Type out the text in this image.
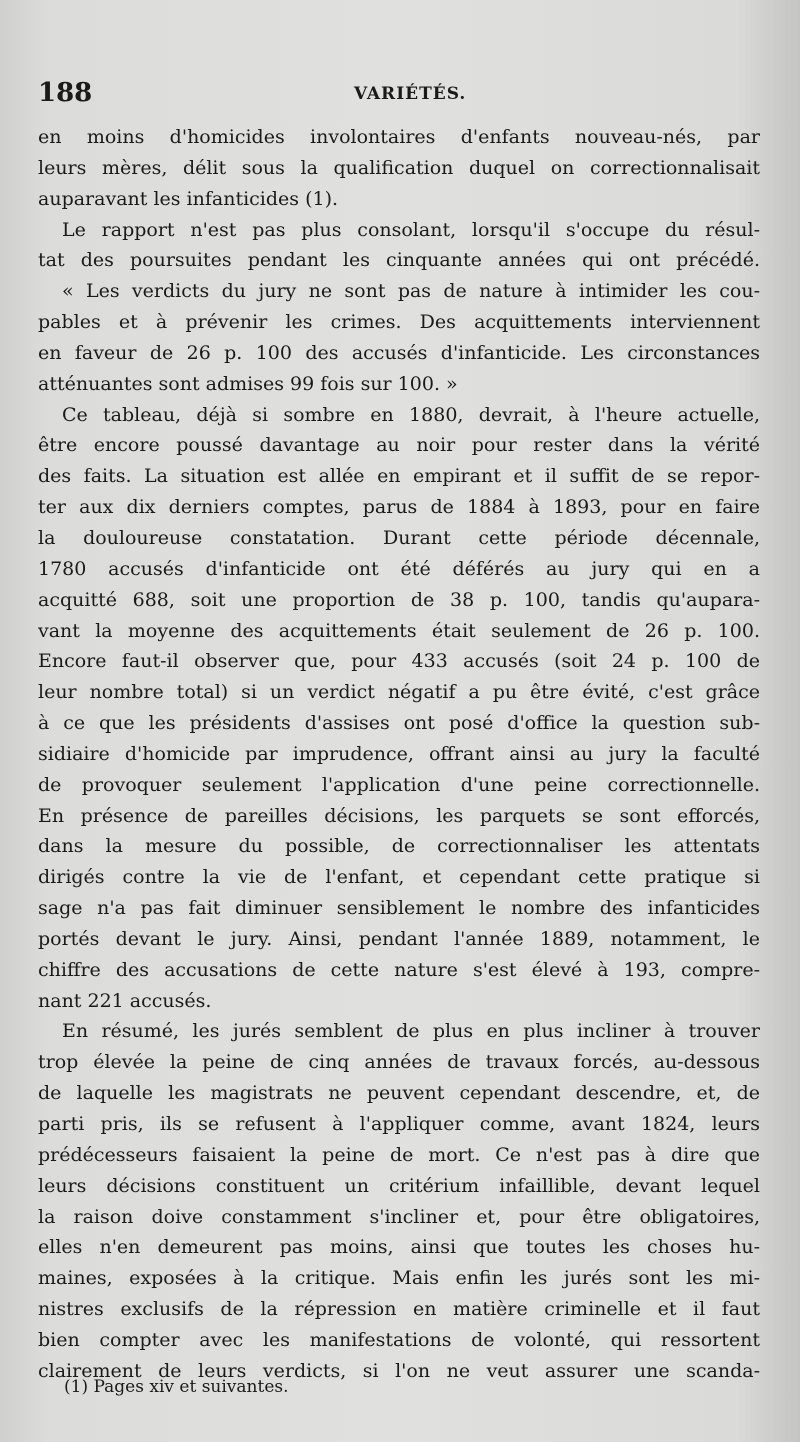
188	VARIÉTÉS.
en moins d'homicides involontaires d'enfants nouveau-nés, par
leurs mères, délit sous la qualification duquel on correctionnalisait
auparavant les infanticides (1).
Le rapport n'est pas plus consolant, lorsqu'il s'occupe du résul-
tat des poursuites pendant les cinquante années qui ont précédé.
« Les verdicts du jury ne sont pas de nature à intimider les cou-
pables et à prévenir les crimes. Des acquittements interviennent
en faveur de 26 p. 100 des accusés d'infanticide. Les circonstances
atténuantes sont admises 99 fois sur 100. »
Ce tableau, déjà si sombre en 1880, devrait, à l'heure actuelle,
être encore poussé davantage au noir pour rester dans la vérité
des faits. La situation est allée en empirant et il suffit de se repor-
ter aux dix derniers comptes, parus de 1884 à 1893, pour en faire
la douloureuse constatation. Durant cette période décennale,
1780 accusés d'infanticide ont été déférés au jury qui en a
acquitté 688, soit une proportion de 38 p. 100, tandis qu'aupara-
vant la moyenne des acquittements était seulement de 26 p. 100.
Encore faut-il observer que, pour 433 accusés (soit 24 p. 100 de
leur nombre total) si un verdict négatif a pu être évité, c'est grâce
à ce que les présidents d'assises ont posé d'office la question sub-
sidiaire d'homicide par imprudence, offrant ainsi au jury la faculté
de provoquer seulement l'application d'une peine correctionnelle.
En présence de pareilles décisions, les parquets se sont efforcés,
dans la mesure du possible, de correctionnaliser les attentats
dirigés contre la vie de l'enfant, et cependant cette pratique si
sage n'a pas fait diminuer sensiblement le nombre des infanticides
portés devant le jury. Ainsi, pendant l'année 1889, notamment, le
chiffre des accusations de cette nature s'est élevé à 193, compre-
nant 221 accusés.
En résumé, les jurés semblent de plus en plus incliner à trouver
trop élevée la peine de cinq années de travaux forcés, au-dessous
de laquelle les magistrats ne peuvent cependant descendre, et, de
parti pris, ils se refusent à l'appliquer comme, avant 1824, leurs
prédécesseurs faisaient la peine de mort. Ce n'est pas à dire que
leurs décisions constituent un critérium infaillible, devant lequel
la raison doive constamment s'incliner et, pour être obligatoires,
elles n'en demeurent pas moins, ainsi que toutes les choses hu-
maines, exposées à la critique. Mais enfin les jurés sont les mi-
nistres exclusifs de la répression en matière criminelle et il faut
bien compter avec les manifestations de volonté, qui ressortent
clairement de leurs verdicts, si l'on ne veut assurer une scanda-
(1) Pages xiv et suivantes.
